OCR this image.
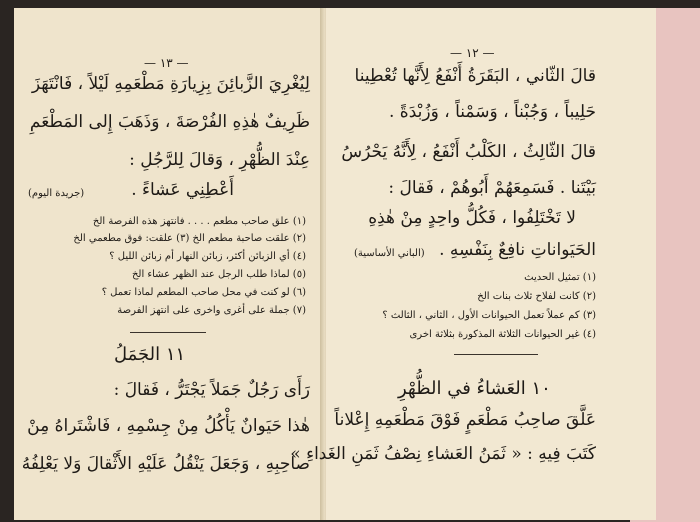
— ١٣ —
لِيُغْرِيَ الزَّبائِنَ بِزِيارَةِ مَطْعَمِهِ لَيْلاً ، فَانْتَهَزَ
ظَرِيفٌ هٰذِهِ الفُرْصَةَ ، وَذَهَبَ إِلى المَطْعَمِ
عِنْدَ الظُّهْرِ ، وَقالَ لِلرَّجُلِ :
أَعْطِنِي عَشاءً .
(جريدة اليوم)
(١) علق صاحب مطعم . . . . فانتهز هذه الفرصة الخ
(٢) علقت صاحبة مطعم الخ (٣) علقت: فوق مطعمي الخ
(٤) أي الزبائن أكثر، زبائن النهار أم زبائن الليل ؟
(٥) لماذا طلب الرجل عند الظهر عشاء الخ
(٦) لو كنت في محل صاحب المطعم لماذا تعمل ؟
(٧) جملة على أغرى واخرى على انتهز الفرصة
١١ الجَمَلُ
رَأَى رَجُلٌ جَمَلاً يَجْتَرُّ ، فَقالَ :
هٰذا حَيَوانٌ يَأْكُلُ مِنْ جِسْمِهِ ، فَاشْتَراهُ مِنْ
صاحِبِهِ ، وَجَعَلَ يَنْقُلُ عَلَيْهِ الأَثْقالَ وَلا يَعْلِفُهُ
— ١٢ —
قالَ الثّاني ، البَقَرَةُ أَنْفَعُ لِأَنَّها تُعْطِينا
حَلِيباً ، وَجُبْناً ، وَسَمْناً ، وَزُبْدَةً .
قالَ الثّالِثُ ، الكَلْبُ أَنْفَعُ ، لِأَنَّهُ يَحْرُسُ
بَيْتَنا . فَسَمِعَهُمْ أَبُوهُمْ ، فَقالَ :
لا تَخْتَلِفُوا ، فَكُلُّ واحِدٍ مِنْ هٰذِهِ
الحَيَواناتِ نافِعٌ بِنَفْسِهِ .
(الباني الأساسية)
(١) تمثيل الحديث
(٢) كانت لفلاح ثلاث بنات الخ
(٣) كم عملاً تعمل الحيوانات الأول ، الثاني ، الثالث ؟
(٤) غير الحيوانات الثلاثة المذكورة بثلاثة اخرى
١٠ العَشاءُ في الظُّهْرِ
عَلَّقَ صاحِبُ مَطْعَمٍ فَوْقَ مَطْعَمِهِ إِعْلاناً
كَتَبَ فِيهِ : « ثَمَنُ العَشاءِ نِصْفُ ثَمَنِ الغَداءِ »
